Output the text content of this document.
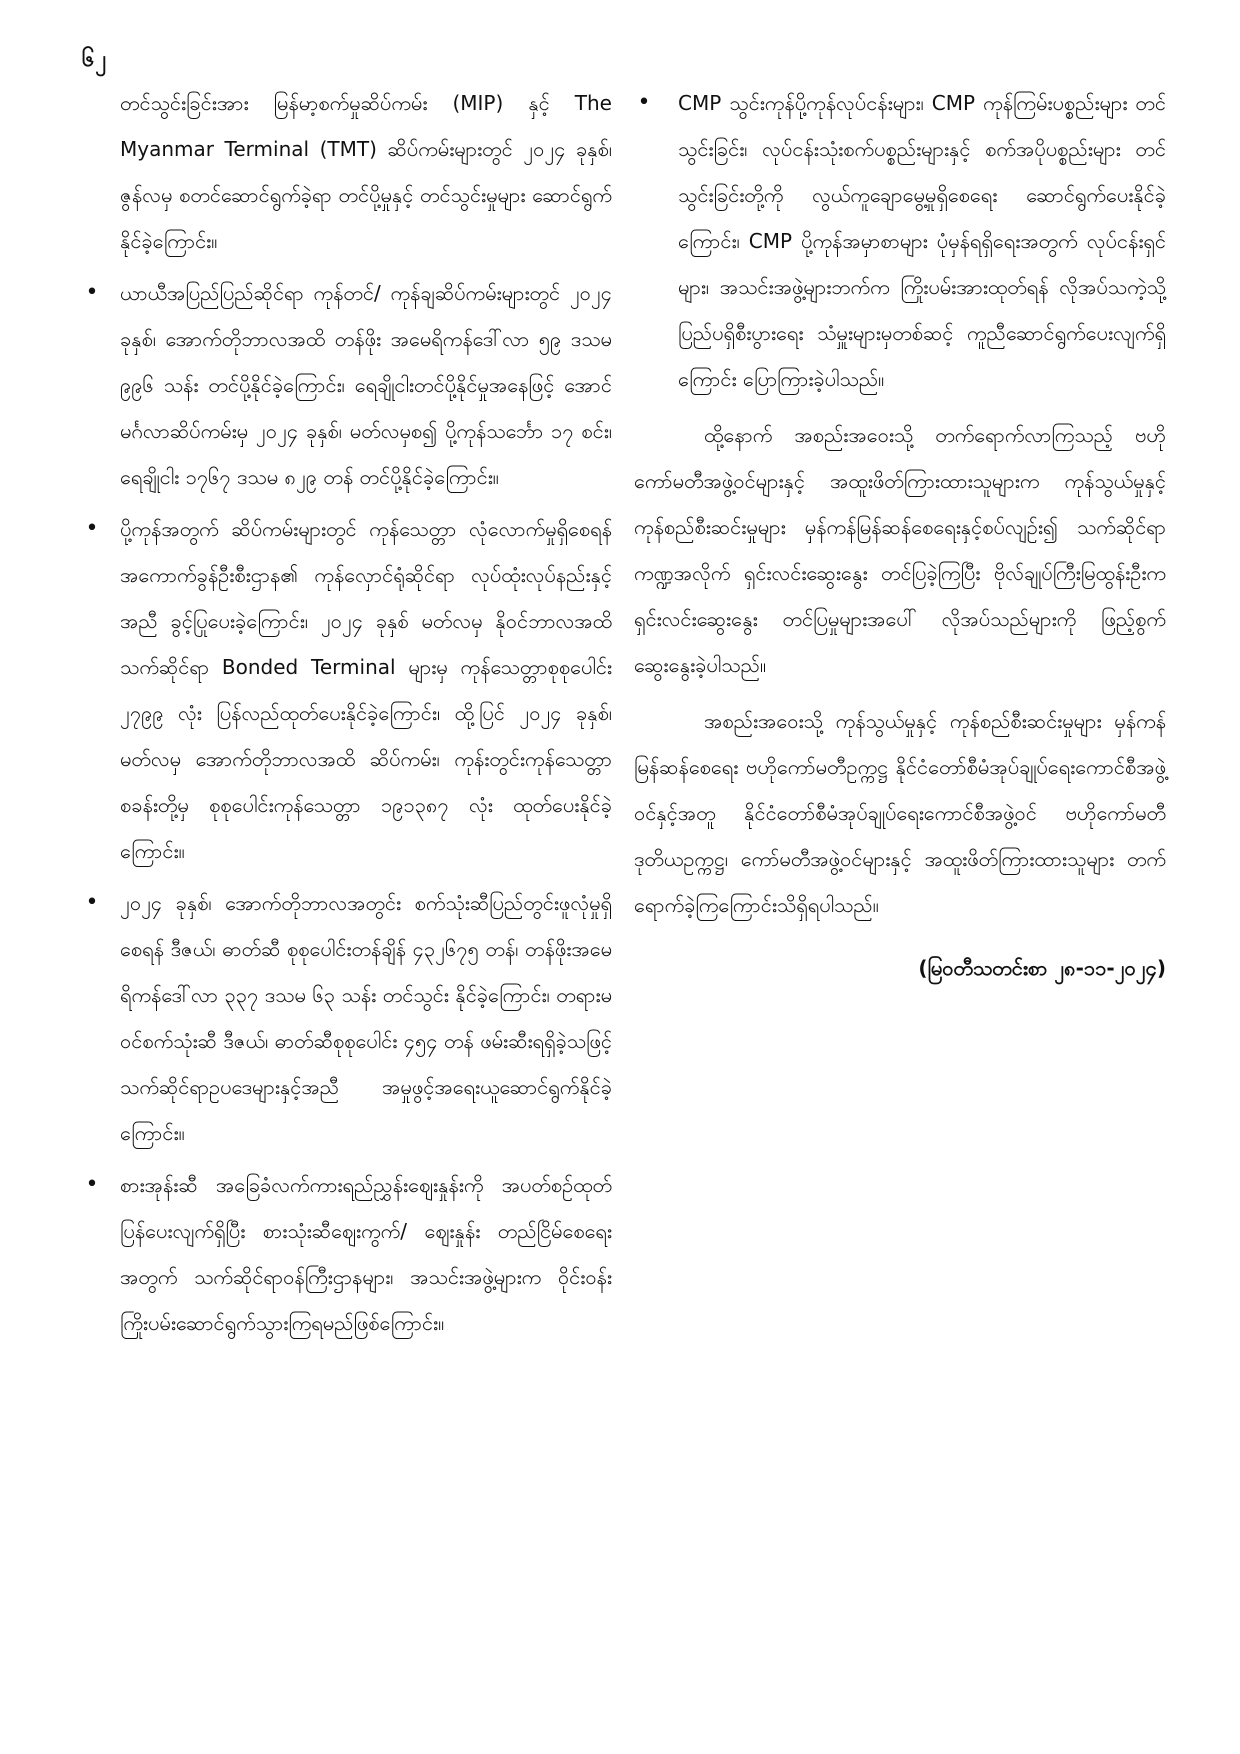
၆၂

တင်သွင်းခြင်းအား မြန်မာ့စက်မှုဆိပ်ကမ်း (MIP) နှင့် The Myanmar Terminal (TMT) ဆိပ်ကမ်းများတွင် ၂၀၂၄ ခုနှစ်၊ ဇွန်လမှ စတင်ဆောင်ရွက်ခဲ့ရာ တင်ပို့မှုနှင့် တင်သွင်းမှုများ ဆောင်ရွက်နိုင်ခဲ့ကြောင်း။

• ယာယီအပြည်ပြည်ဆိုင်ရာ ကုန်တင်/ ကုန်ချဆိပ်ကမ်းများတွင် ၂၀၂၄ ခုနှစ်၊ အောက်တိုဘာလအထိ တန်ဖိုး အမေရိကန်ဒေါ်လာ ၅၉ ဒသမ ၉၉၆ သန်း တင်ပို့နိုင်ခဲ့ကြောင်း၊ ရေချိုငါးတင်ပို့နိုင်မှုအနေဖြင့် အောင်မင်္ဂလာဆိပ်ကမ်းမှ ၂၀၂၄ ခုနှစ်၊ မတ်လမှစ၍ ပို့ကုန်သင်္ဘော ၁၇ စင်း၊ ရေချိုငါး ၁၇၆၇ ဒသမ ၈၂၉ တန် တင်ပို့နိုင်ခဲ့ကြောင်း။
• ပို့ကုန်အတွက် ဆိပ်ကမ်းများတွင် ကုန်သေတ္တာ လုံလောက်မှုရှိစေရန် အကောက်ခွန်ဦးစီးဌာန၏ ကုန်လှောင်ရုံဆိုင်ရာ လုပ်ထုံးလုပ်နည်းနှင့်အညီ ခွင့်ပြုပေးခဲ့ကြောင်း၊ ၂၀၂၄ ခုနှစ် မတ်လမှ နိုဝင်ဘာလအထိ သက်ဆိုင်ရာ Bonded Terminal များမှ ကုန်သေတ္တာစုစုပေါင်း ၂၇၉၉ လုံး ပြန်လည်ထုတ်ပေးနိုင်ခဲ့ကြောင်း၊ ထို့ပြင် ၂၀၂၄ ခုနှစ်၊ မတ်လမှ အောက်တိုဘာလအထိ ဆိပ်ကမ်း၊ ကုန်းတွင်းကုန်သေတ္တာစခန်းတို့မှ စုစုပေါင်းကုန်သေတ္တာ ၁၉၁၃၈၇ လုံး ထုတ်ပေးနိုင်ခဲ့ကြောင်း။
• ၂၀၂၄ ခုနှစ်၊ အောက်တိုဘာလအတွင်း စက်သုံးဆီပြည်တွင်းဖူလုံမှုရှိစေရန် ဒီဇယ်၊ ဓာတ်ဆီ စုစုပေါင်းတန်ချိန် ၄၃၂၆၇၅ တန်၊ တန်ဖိုးအမေရိကန်ဒေါ်လာ ၃၃၇ ဒသမ ၆၃ သန်း တင်သွင်း နိုင်ခဲ့ကြောင်း၊ တရားမဝင်စက်သုံးဆီ ဒီဇယ်၊ ဓာတ်ဆီစုစုပေါင်း ၄၅၄ တန် ဖမ်းဆီးရရှိခဲ့သဖြင့် သက်ဆိုင်ရာဥပဒေများနှင့်အညီ အမှုဖွင့်အရေးယူဆောင်ရွက်နိုင်ခဲ့ကြောင်း။
• စားအုန်းဆီ အခြေခံလက်ကားရည်ညွှန်းဈေးနှုန်းကို အပတ်စဉ်ထုတ်ပြန်ပေးလျက်ရှိပြီး စားသုံးဆီဈေးကွက်/ ဈေးနှုန်း တည်ငြိမ်စေရေးအတွက် သက်ဆိုင်ရာဝန်ကြီးဌာနများ၊ အသင်းအဖွဲ့များက ဝိုင်းဝန်းကြိုးပမ်းဆောင်ရွက်သွားကြရမည်ဖြစ်ကြောင်း။
• CMP သွင်းကုန်ပို့ကုန်လုပ်ငန်းများ၊ CMP ကုန်ကြမ်းပစ္စည်းများ တင်သွင်းခြင်း၊ လုပ်ငန်းသုံးစက်ပစ္စည်းများနှင့် စက်အပိုပစ္စည်းများ တင်သွင်းခြင်းတို့ကို လွယ်ကူချောမွေ့မှုရှိစေရေး ဆောင်ရွက်ပေးနိုင်ခဲ့ကြောင်း၊ CMP ပို့ကုန်အမှာစာများ ပုံမှန်ရရှိရေးအတွက် လုပ်ငန်းရှင်များ၊ အသင်းအဖွဲ့များဘက်က ကြိုးပမ်းအားထုတ်ရန် လိုအပ်သကဲ့သို့ ပြည်ပရှိစီးပွားရေး သံမှူးများမှတစ်ဆင့် ကူညီဆောင်ရွက်ပေးလျက်ရှိကြောင်း ပြောကြားခဲ့ပါသည်။

ထို့နောက် အစည်းအဝေးသို့ တက်ရောက်လာကြသည့် ဗဟိုကော်မတီအဖွဲ့ဝင်များနှင့် အထူးဖိတ်ကြားထားသူများက ကုန်သွယ်မှုနှင့် ကုန်စည်စီးဆင်းမှုများ မှန်ကန်မြန်ဆန်စေရေးနှင့်စပ်လျဉ်း၍ သက်ဆိုင်ရာကဏ္ဍအလိုက် ရှင်းလင်းဆွေးနွေး တင်ပြခဲ့ကြပြီး ဗိုလ်ချုပ်ကြီးမြထွန်းဦးက ရှင်းလင်းဆွေးနွေး တင်ပြမှုများအပေါ် လိုအပ်သည်များကို ဖြည့်စွက်ဆွေးနွေးခဲ့ပါသည်။

အစည်းအဝေးသို့ ကုန်သွယ်မှုနှင့် ကုန်စည်စီးဆင်းမှုများ မှန်ကန်မြန်ဆန်စေရေး ဗဟိုကော်မတီဥက္ကဋ္ဌ နိုင်ငံတော်စီမံအုပ်ချုပ်ရေးကောင်စီအဖွဲ့ဝင်နှင့်အတူ နိုင်ငံတော်စီမံအုပ်ချုပ်ရေးကောင်စီအဖွဲ့ဝင် ဗဟိုကော်မတီဒုတိယဥက္ကဋ္ဌ၊ ကော်မတီအဖွဲ့ဝင်များနှင့် အထူးဖိတ်ကြားထားသူများ တက်ရောက်ခဲ့ကြကြောင်းသိရှိရပါသည်။

(မြဝတီသတင်းစာ ၂၈-၁၁-၂၀၂၄)
